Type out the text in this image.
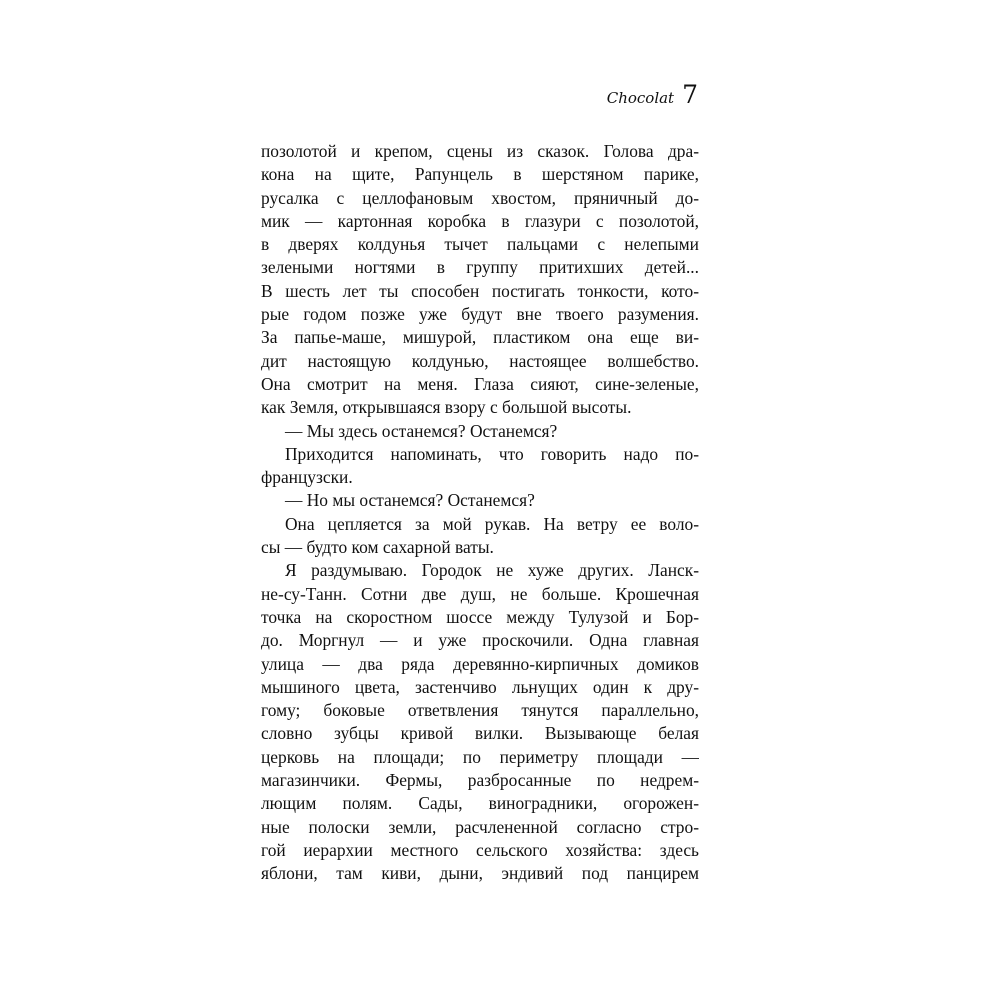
Chocolat 7
позолотой и крепом, сцены из сказок. Голова дра-
кона на щите, Рапунцель в шерстяном парике,
русалка с целлофановым хвостом, пряничный до-
мик — картонная коробка в глазури с позолотой,
в дверях колдунья тычет пальцами с нелепыми
зелеными ногтями в группу притихших детей...
В шесть лет ты способен постигать тонкости, кото-
рые годом позже уже будут вне твоего разумения.
За папье-маше, мишурой, пластиком она еще ви-
дит настоящую колдунью, настоящее волшебство.
Она смотрит на меня. Глаза сияют, сине-зеленые,
как Земля, открывшаяся взору с большой высоты.
— Мы здесь останемся? Останемся?
Приходится напоминать, что говорить надо по-
французски.
— Но мы останемся? Останемся?
Она цепляется за мой рукав. На ветру ее воло-
сы — будто ком сахарной ваты.
Я раздумываю. Городок не хуже других. Ланск-
не-су-Танн. Сотни две душ, не больше. Крошечная
точка на скоростном шоссе между Тулузой и Бор-
до. Моргнул — и уже проскочили. Одна главная
улица — два ряда деревянно-кирпичных домиков
мышиного цвета, застенчиво льнущих один к дру-
гому; боковые ответвления тянутся параллельно,
словно зубцы кривой вилки. Вызывающе белая
церковь на площади; по периметру площади —
магазинчики. Фермы, разбросанные по недрем-
лющим полям. Сады, виноградники, огорожен-
ные полоски земли, расчлененной согласно стро-
гой иерархии местного сельского хозяйства: здесь
яблони, там киви, дыни, эндивий под панцирем
